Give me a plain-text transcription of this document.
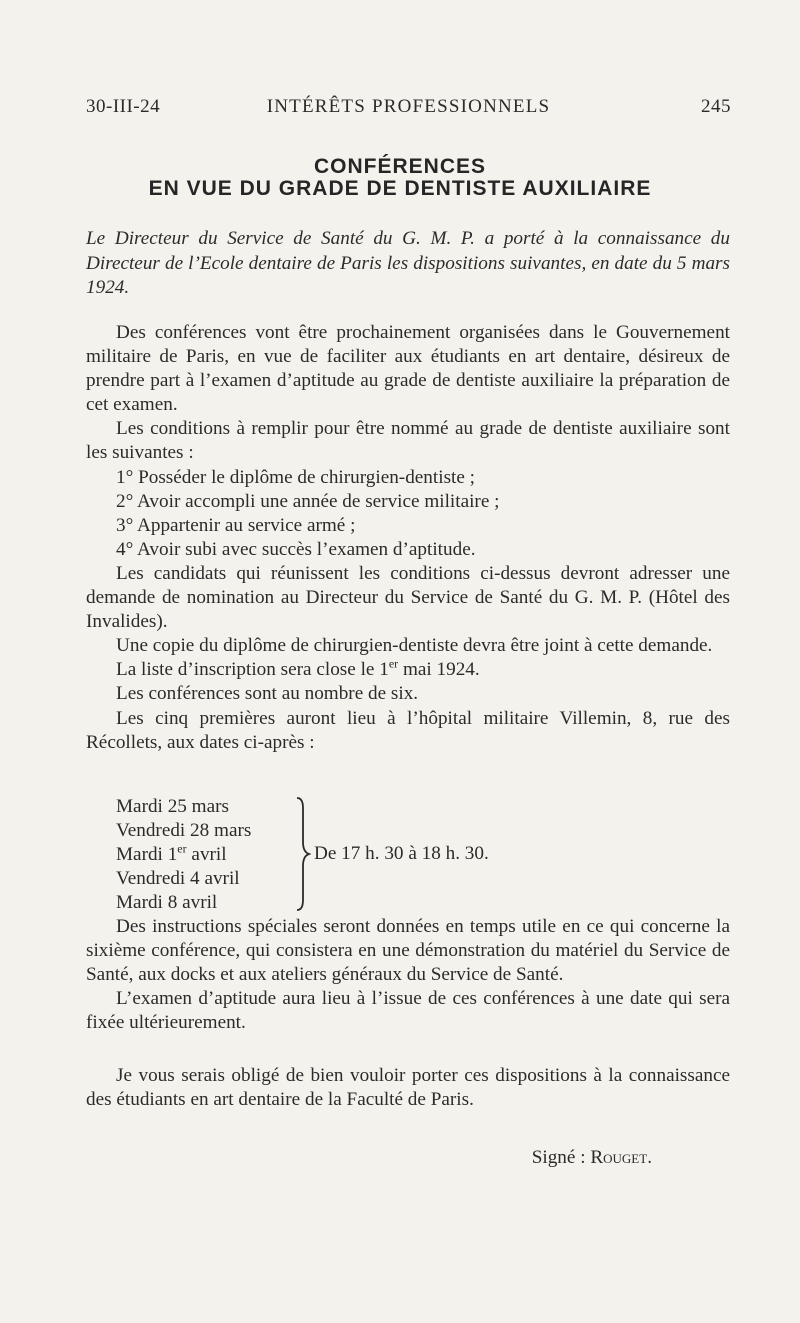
30-III-24	INTÉRÊTS PROFESSIONNELS	245
CONFÉRENCES
EN VUE DU GRADE DE DENTISTE AUXILIAIRE
Le Directeur du Service de Santé du G. M. P. a porté à la connaissance du Directeur de l’Ecole dentaire de Paris les dispositions suivantes, en date du 5 mars 1924.

Des conférences vont être prochainement organisées dans le Gouvernement militaire de Paris, en vue de faciliter aux étudiants en art dentaire, désireux de prendre part à l’examen d’aptitude au grade de dentiste auxiliaire la préparation de cet examen.

Les conditions à remplir pour être nommé au grade de dentiste auxiliaire sont les suivantes :

1° Posséder le diplôme de chirurgien-dentiste ;

2° Avoir accompli une année de service militaire ;

3° Appartenir au service armé ;

4° Avoir subi avec succès l’examen d’aptitude.

Les candidats qui réunissent les conditions ci-dessus devront adresser une demande de nomination au Directeur du Service de Santé du G. M. P. (Hôtel des Invalides).

Une copie du diplôme de chirurgien-dentiste devra être joint à cette demande.

La liste d’inscription sera close le 1er mai 1924.

Les conférences sont au nombre de six.

Les cinq premières auront lieu à l’hôpital militaire Villemin, 8, rue des Récollets, aux dates ci-après :

Mardi 25 mars
Vendredi 28 mars
Mardi 1er avril
Vendredi 4 avril
Mardi 8 avril
De 17 h. 30 à 18 h. 30.

Des instructions spéciales seront données en temps utile en ce qui concerne la sixième conférence, qui consistera en une démonstration du matériel du Service de Santé, aux docks et aux ateliers généraux du Service de Santé.

L’examen d’aptitude aura lieu à l’issue de ces conférences à une date qui sera fixée ultérieurement.

Je vous serais obligé de bien vouloir porter ces dispositions à la connaissance des étudiants en art dentaire de la Faculté de Paris.

Signé : Rouget.
